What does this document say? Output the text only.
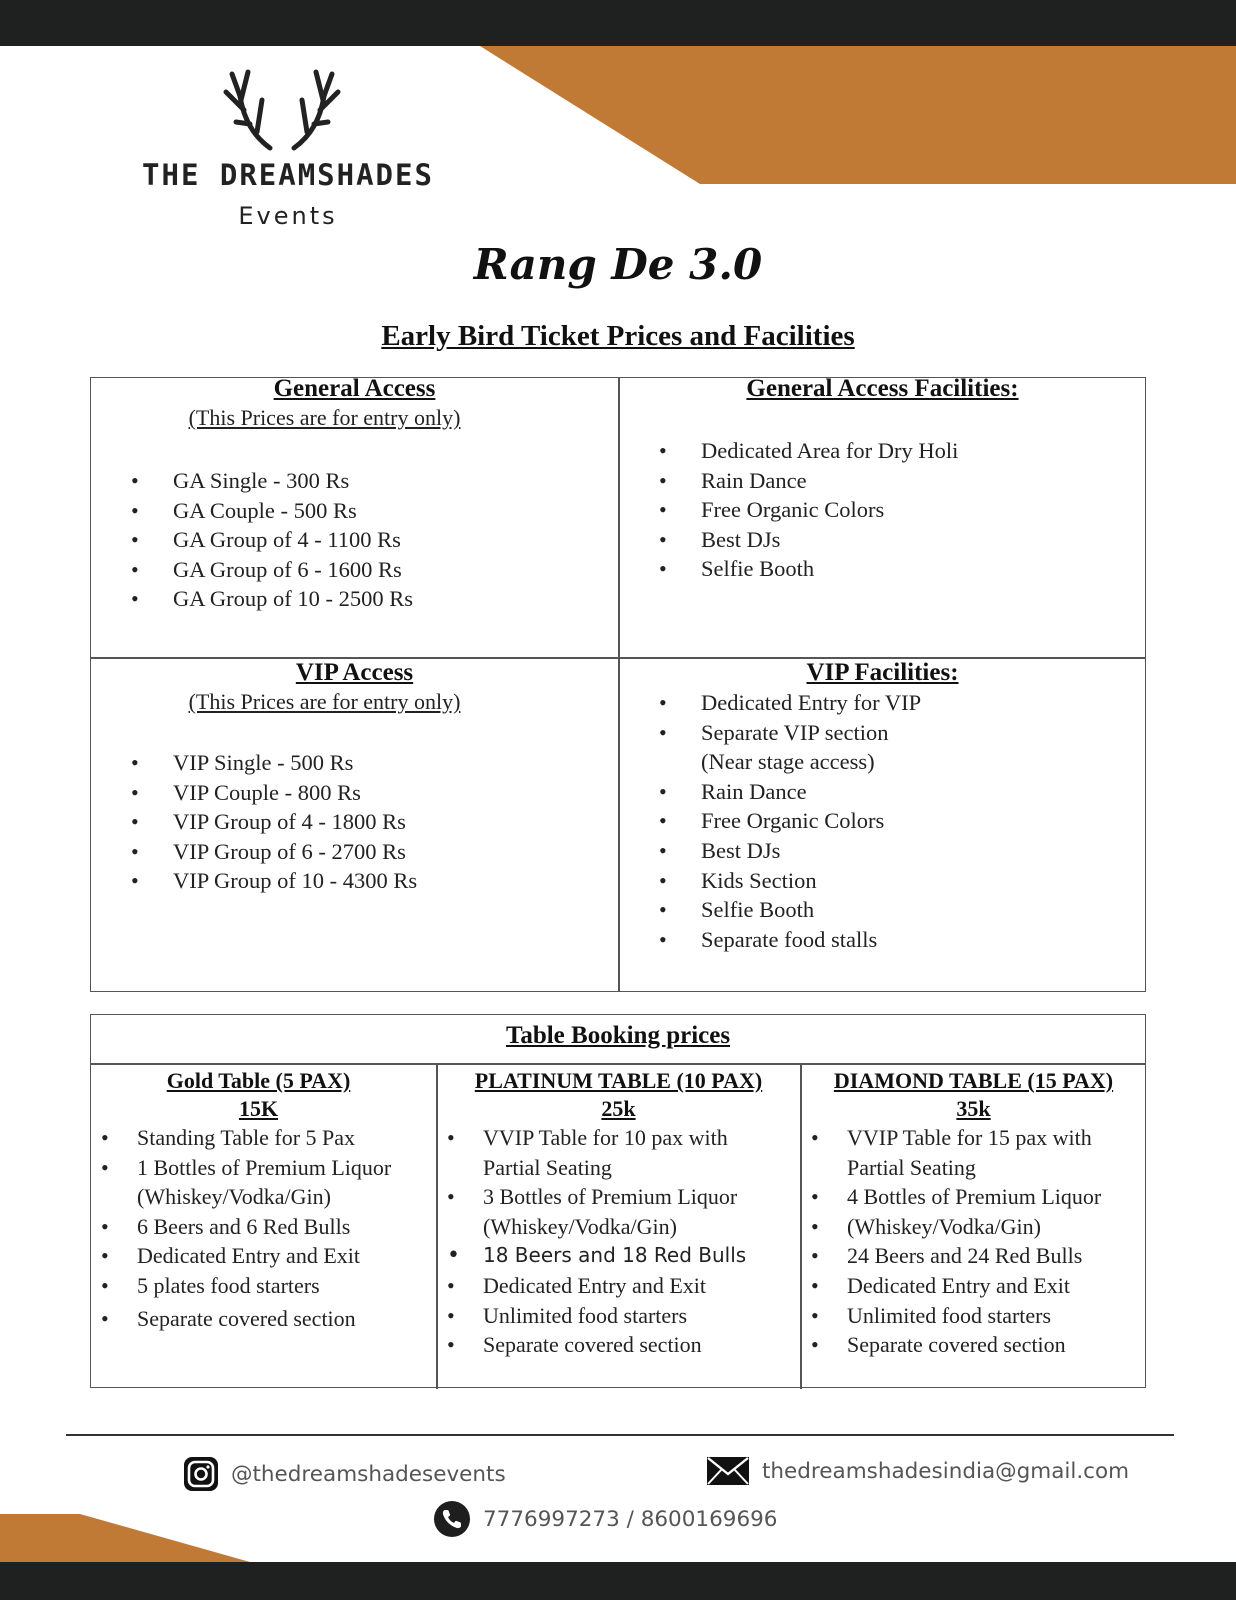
THE DREAMSHADES
Events
Rang De 3.0
Early Bird Ticket Prices and Facilities
General Access
(This Prices are for entry only)
• GA Single - 300 Rs
• GA Couple - 500 Rs
• GA Group of 4 - 1100 Rs
• GA Group of 6 - 1600 Rs
• GA Group of 10 - 2500 Rs
General Access Facilities:
• Dedicated Area for Dry Holi
• Rain Dance
• Free Organic Colors
• Best DJs
• Selfie Booth
VIP Access
(This Prices are for entry only)
• VIP Single - 500 Rs
• VIP Couple - 800 Rs
• VIP Group of 4 - 1800 Rs
• VIP Group of 6 - 2700 Rs
• VIP Group of 10 - 4300 Rs
VIP Facilities:
• Dedicated Entry for VIP
• Separate VIP section
(Near stage access)
• Rain Dance
• Free Organic Colors
• Best DJs
• Kids Section
• Selfie Booth
• Separate food stalls
Table Booking prices
Gold Table (5 PAX)
15K
• Standing Table for 5 Pax
• 1 Bottles of Premium Liquor
(Whiskey/Vodka/Gin)
• 6 Beers and 6 Red Bulls
• Dedicated Entry and Exit
• 5 plates food starters
• Separate covered section
PLATINUM TABLE (10 PAX)
25k
• VVIP Table for 10 pax with
Partial Seating
• 3 Bottles of Premium Liquor
(Whiskey/Vodka/Gin)
• 18 Beers and 18 Red Bulls
• Dedicated Entry and Exit
• Unlimited food starters
• Separate covered section
DIAMOND TABLE (15 PAX)
35k
• VVIP Table for 15 pax with
Partial Seating
• 4 Bottles of Premium Liquor
• (Whiskey/Vodka/Gin)
• 24 Beers and 24 Red Bulls
• Dedicated Entry and Exit
• Unlimited food starters
• Separate covered section
@thedreamshadesevents	thedreamshadesindia@gmail.com
7776997273 / 8600169696
